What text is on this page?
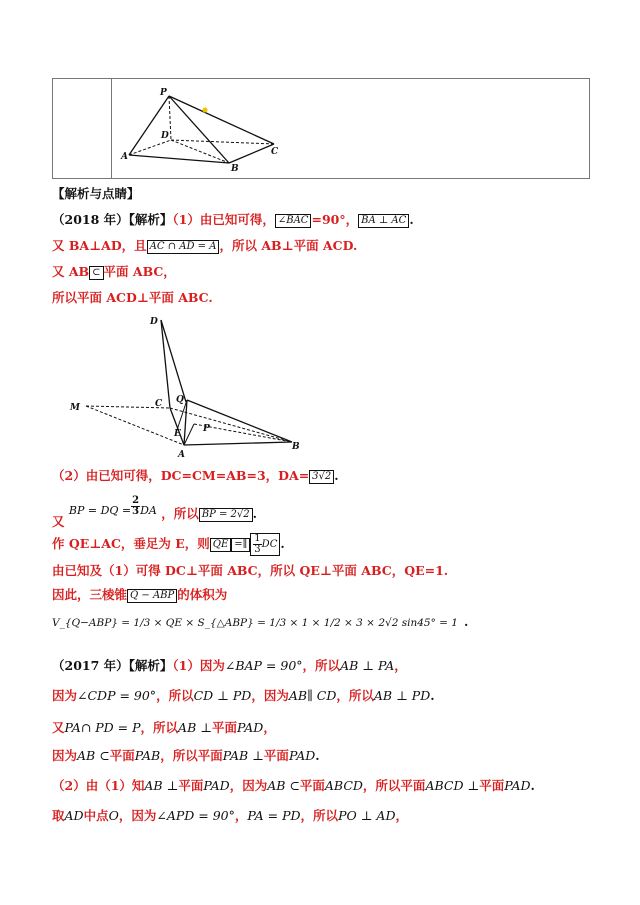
P
D
A
B
C
【解析与点睛】
（2018 年）【解析】（1）由已知可得， ∠BAC =90°， BA ⊥ AC .
又 BA⊥AD，且 AC ∩ AD = A ，所以 AB⊥平面 ACD.
又 AB ⊂ 平面 ABC，
所以平面 ACD⊥平面 ABC.
D
M	C Q
E P
A
B
（2）由已知可得，DC=CM=AB=3，DA= 3√2 .
又 BP = DQ = $\frac{2}{3}$ DA ，所以 BP = 2√2 .
作 QE⊥AC，垂足为 E，则 QE =∥ $\frac{1}{3}$ DC .
由已知及（1）可得 DC⊥平面 ABC，所以 QE⊥平面 ABC，QE=1.
因此，三棱锥 Q − ABP 的体积为
V_{Q−ABP} = 1/3 × QE × S_{△ABP} = 1/3 × 1 × 1/2 × 3 × 2√2 sin45° = 1 .
（2017 年）【解析】（1）因为∠BAP = 90°，所以AB ⊥ PA，
因为∠CDP = 90°，所以CD ⊥ PD，因为AB∥ CD，所以AB ⊥ PD.
又PA∩ PD = P，所以AB ⊥平面PAD，
因为AB ⊂平面PAB，所以平面PAB ⊥平面PAD.
（2）由（1）知AB ⊥平面PAD，因为AB ⊂平面ABCD，所以平面ABCD ⊥平面PAD.
取AD中点O，因为∠APD = 90°，PA = PD，所以PO ⊥ AD，
